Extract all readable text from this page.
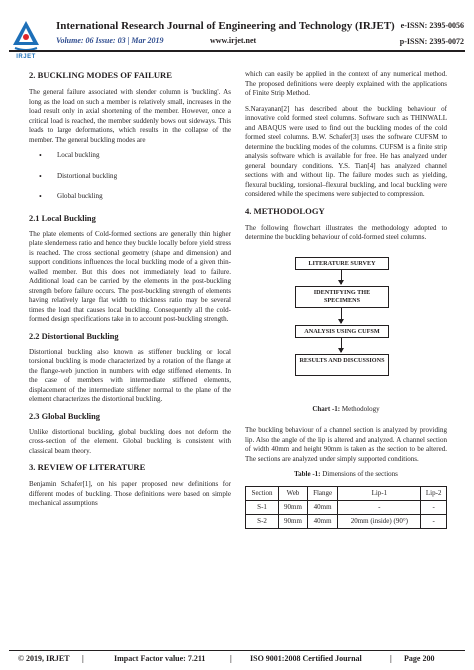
IRJET
International Research Journal of Engineering and Technology (IRJET)
Volume: 06 Issue: 03 | Mar 2019	www.irjet.net
e-ISSN: 2395-0056
p-ISSN: 2395-0072
2. BUCKLING MODES OF FAILURE

The general failure associated with slender column is 'buckling'. As long as the load on such a member is relatively small, increases in the load result only in axial shortening of the member. However, once a critical load is reached, the member suddenly bows out sideways. This leads to large deformations, which results in the collapse of the member. The general buckling modes are

• Local buckling
• Distortional buckling
• Global buckling
2.1 Local Buckling

The plate elements of Cold-formed sections are generally thin higher plate slenderness ratio and hence they buckle locally before yield stress is reached. The cross sectional geometry (shape and dimension) and support conditions influences the local buckling mode of a given thin-walled member. But this does not immediately lead to failure. Additional load can be carried by the elements in the post-buckling strength before failure occurs. The post-buckling strength of elements having relatively large flat width to thickness ratio may be several times the load that causes local buckling. Consequently all the cold-formed design specifications take in to account post-buckling strength.

2.2 Distortional Buckling

Distortional buckling also known as stiffener buckling or local torsional buckling is mode characterized by a rotation of the flange at the flange-web junction in numbers with edge stiffened elements. In the case of members with intermediate stiffened elements, displacement of the intermediate stiffener normal to the plane of the element characterizes the distortional buckling.

2.3 Global Buckling

Unlike distortional buckling, global buckling does not deform the cross-section of the element. Global buckling is consistent with classical beam theory.

3. REVIEW OF LITERATURE

Benjamin Schafer[1], on his paper proposed new definitions for different modes of buckling. Those definitions were based on simple mechanical assumptions

which can easily be applied in the context of any numerical method. The proposed definitions were deeply explained with the applications of Finite Strip Method.

S.Narayanan[2] has described about the buckling behaviour of innovative cold formed steel columns. Software such as THINWALL and ABAQUS were used to find out the buckling modes of the cold formed steel columns. B.W. Schafer[3] uses the software CUFSM to determine the buckling modes of the columns. CUFSM is a finite strip analysis software which is available for free. He has analyzed under general boundary conditions. Y.S. Tian[4] has analyzed channel sections with and without lip. The failure modes such as yielding, flexural buckling, torsional–flexural buckling, and local buckling were considered while the specimens were subjected to compression.

4. METHODOLOGY

The following flowchart illustrates the methodology adopted to determine the buckling behaviour of cold-formed steel columns.

LITERATURE SURVEY
IDENTIFYING THE SPECIMENS
ANALYSIS USING CUFSM
RESULTS AND DISCUSSIONS
Chart -1: Methodology

The buckling behaviour of a channel section is analyzed by providing lip. Also the angle of the lip is altered and analyzed. A channel section of width 40mm and height 90mm is taken as the section to be altered. The sections are analyzed under simply supported conditions.

Table -1: Dimensions of the sections
Section	Web	Flange	Lip-1	Lip-2
S-1	90mm	40mm	-	-
S-2	90mm	40mm	20mm (inside) (90°)	-
© 2019, IRJET |	Impact Factor value: 7.211	| ISO 9001:2008 Certified Journal	| Page 200
